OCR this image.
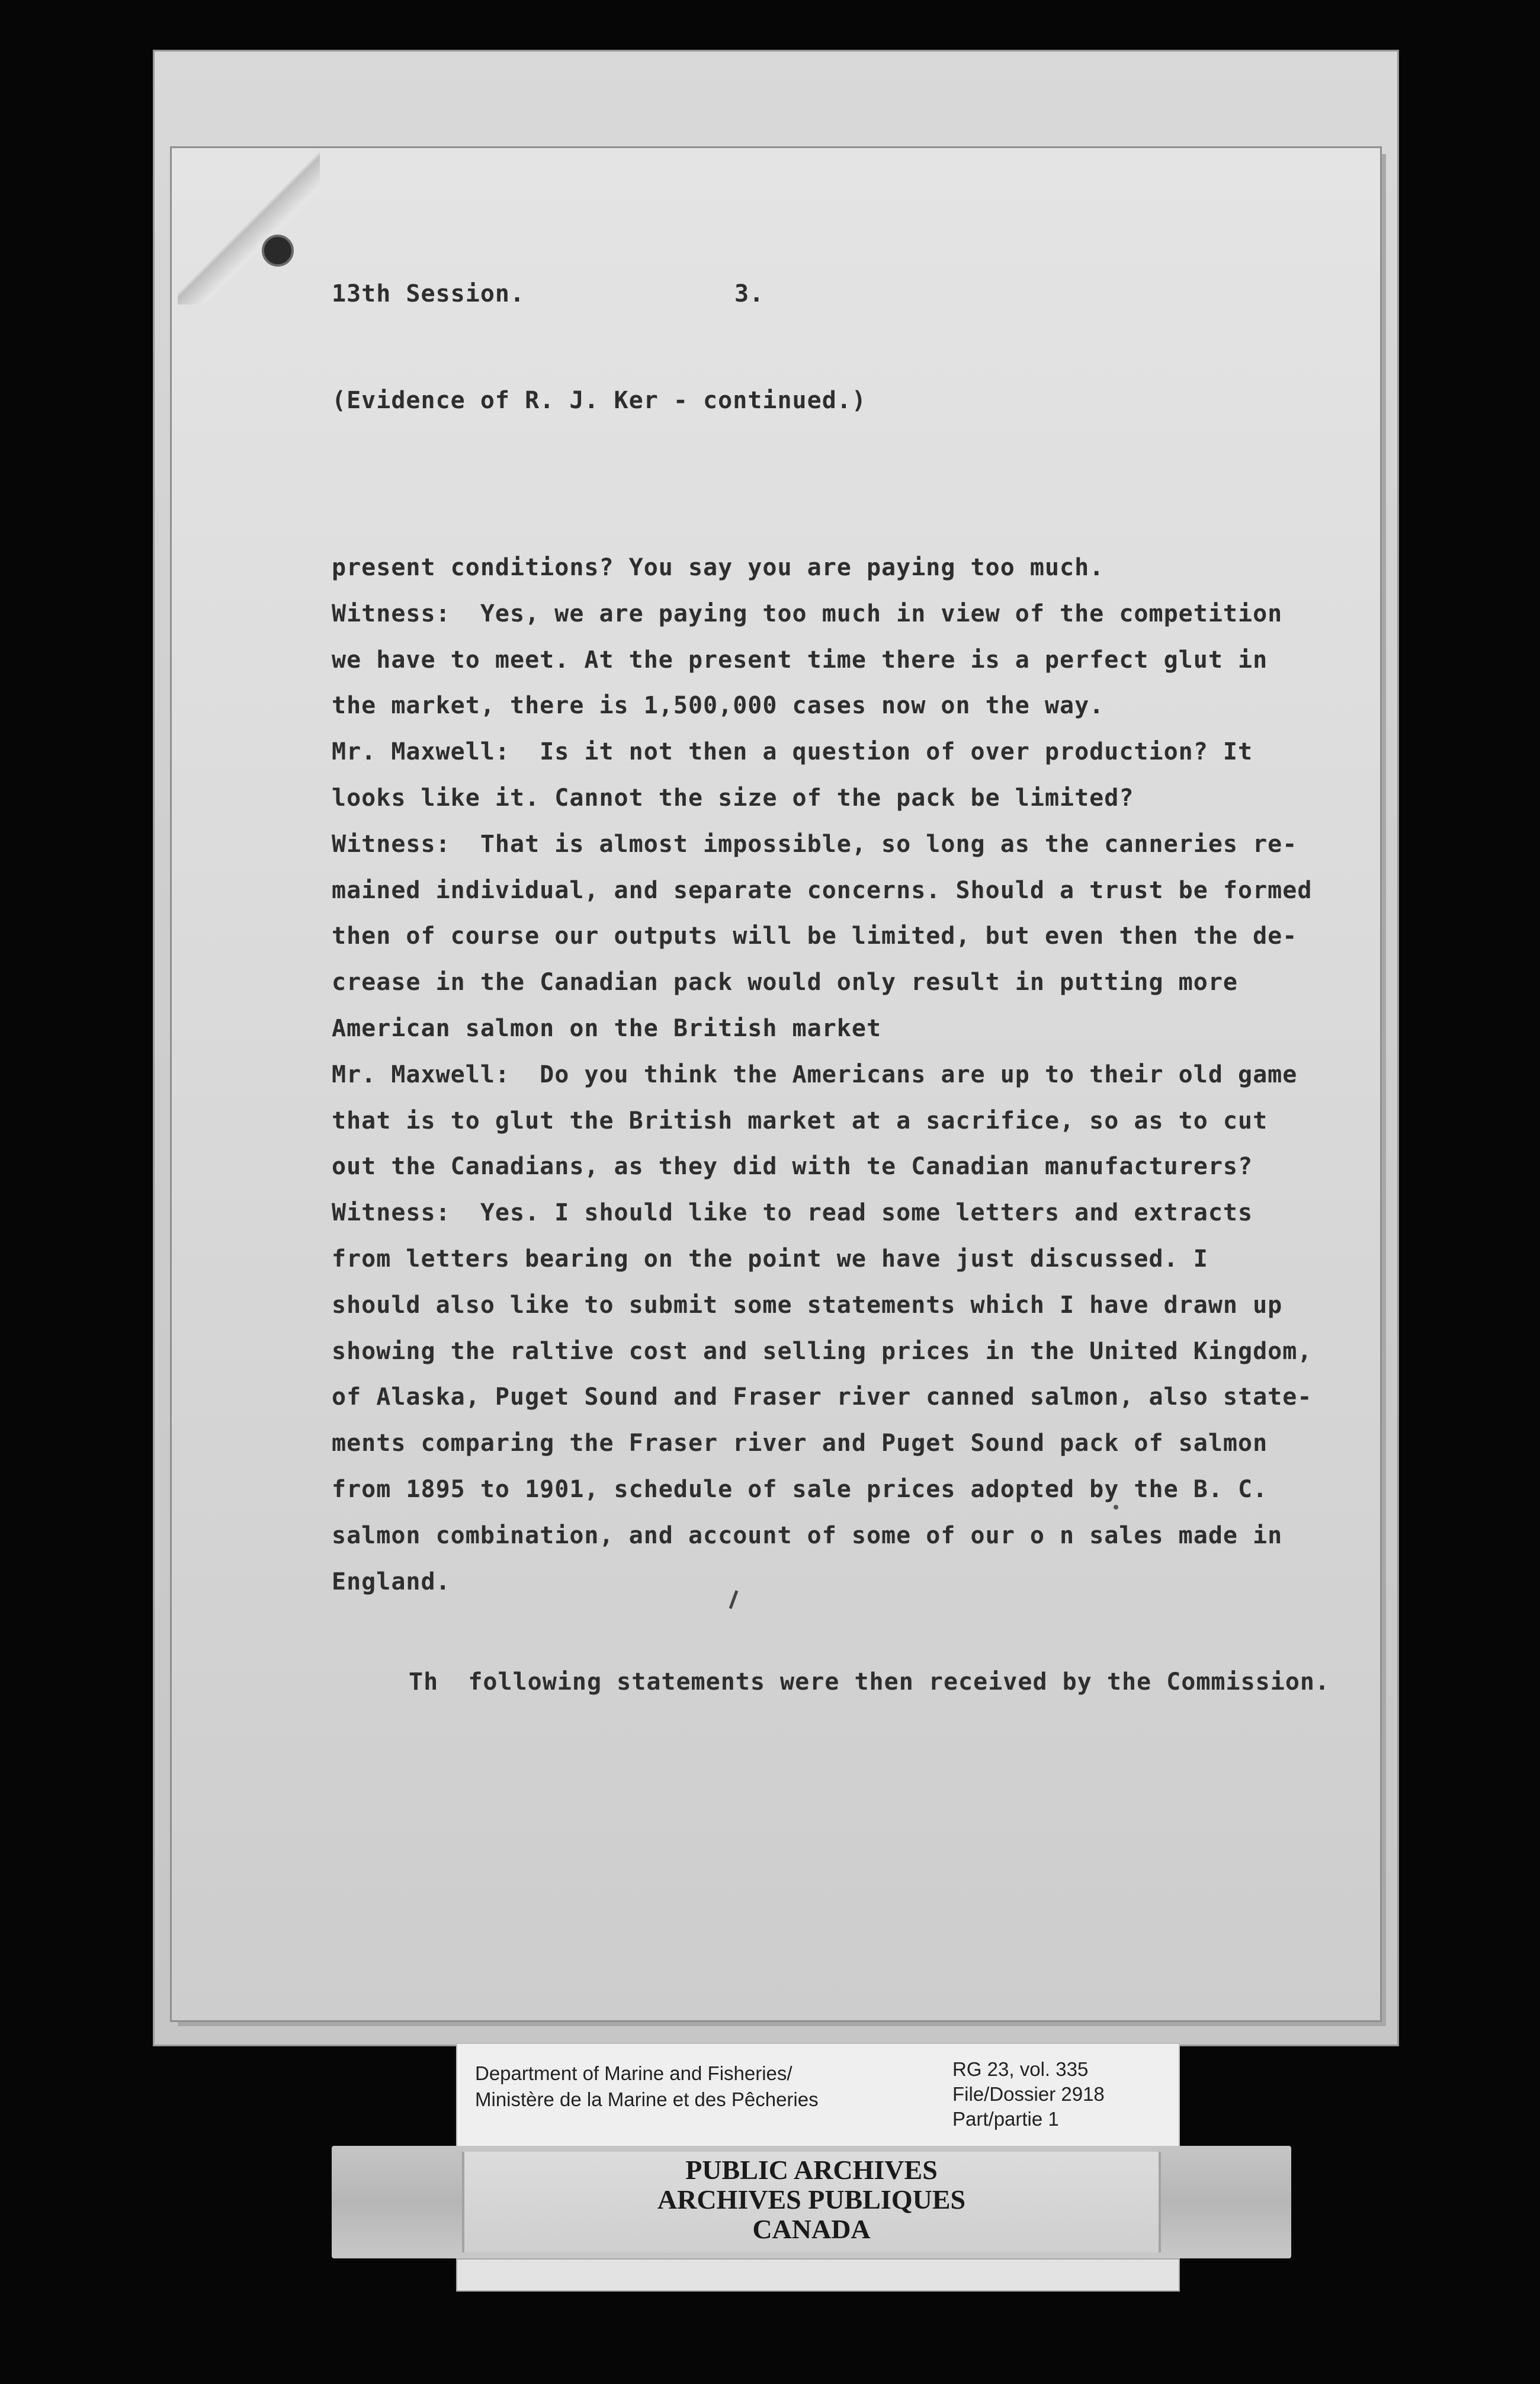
13th Session.	3.

(Evidence of R. J. Ker - continued.)

present conditions? You say you are paying too much.
Witness:  Yes, we are paying too much in view of the competition
we have to meet. At the present time there is a perfect glut in
the market, there is 1,500,000 cases now on the way.
Mr. Maxwell:  Is it not then a question of over production? It
looks like it. Cannot the size of the pack be limited?
Witness:  That is almost impossible, so long as the canneries re-
mained individual, and separate concerns. Should a trust be formed
then of course our outputs will be limited, but even then the de-
crease in the Canadian pack would only result in putting more
American salmon on the British market
Mr. Maxwell:  Do you think the Americans are up to their old game
that is to glut the British market at a sacrifice, so as to cut
out the Canadians, as they did with te Canadian manufacturers?
Witness:  Yes. I should like to read some letters and extracts
from letters bearing on the point we have just discussed. I
should also like to submit some statements which I have drawn up
showing the raltive cost and selling prices in the United Kingdom,
of Alaska, Puget Sound and Fraser river canned salmon, also state-
ments comparing the Fraser river and Puget Sound pack of salmon
from 1895 to 1901, schedule of sale prices adopted by the B. C.
salmon combination, and account of some of our o n sales made in
England.

Th  following statements were then received by the Commission.

Department of Marine and Fisheries/
Ministère de la Marine et des Pêcheries
RG 23, vol. 335
File/Dossier 2918
Part/partie 1
PUBLIC ARCHIVES
ARCHIVES PUBLIQUES
CANADA
